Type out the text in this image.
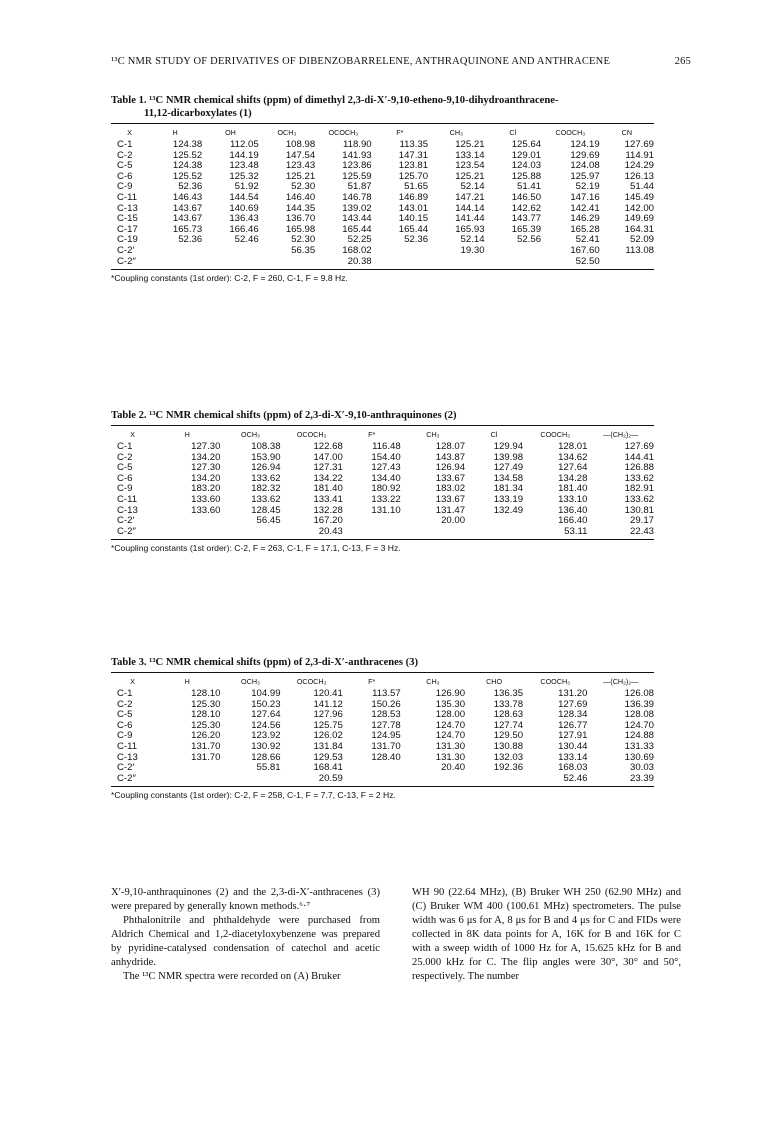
¹³C NMR STUDY OF DERIVATIVES OF DIBENZOBARRELENE, ANTHRAQUINONE AND ANTHRACENE	265
Table 1. ¹³C NMR chemical shifts (ppm) of dimethyl 2,3-di-X′-9,10-etheno-9,10-dihydroanthracene-
11,12-dicarboxylates (1)
X	H	OH	OCH₃	OCOCH₃	F*	CH₃	Cl	COOCH₃	CN
C-1	124.38	112.05	108.98	118.90	113.35	125.21	125.64	124.19	127.69
C-2	125.52	144.19	147.54	141.93	147.31	133.14	129.01	129.69	114.91
C-5	124.38	123.48	123.43	123.86	123.81	123.54	124.03	124.08	124.29
C-6	125.52	125.32	125.21	125.59	125.70	125.21	125.88	125.97	126.13
C-9	52.36	51.92	52.30	51.87	51.65	52.14	51.41	52.19	51.44
C-11	146.43	144.54	146.40	146.78	146.89	147.21	146.50	147.16	145.49
C-13	143.67	140.69	144.35	139.02	143.01	144.14	142.62	142.41	142.00
C-15	143.67	136.43	136.70	143.44	140.15	141.44	143.77	146.29	149.69
C-17	165.73	166.46	165.98	165.44	165.44	165.93	165.39	165.28	164.31
C-19	52.36	52.46	52.30	52.25	52.36	52.14	52.56	52.41	52.09
C-2′			56.35	168.02		19.30		167.60	113.08
C-2″				20.38				52.50	
*Coupling constants (1st order): C-2, F = 260, C-1, F = 9.8 Hz.
Table 2. ¹³C NMR chemical shifts (ppm) of 2,3-di-X′-9,10-anthraquinones (2)
X	H	OCH₃	OCOCH₃	F*	CH₃	Cl	COOCH₃	—(CH₂)₂—
C-1	127.30	108.38	122.68	116.48	128.07	129.94	128.01	127.69
C-2	134.20	153.90	147.00	154.40	143.87	139.98	134.62	144.41
C-5	127.30	126.94	127.31	127.43	126.94	127.49	127.64	126.88
C-6	134.20	133.62	134.22	134.40	133.67	134.58	134.28	133.62
C-9	183.20	182.32	181.40	180.92	183.02	181.34	181.40	182.91
C-11	133.60	133.62	133.41	133.22	133.67	133.19	133.10	133.62
C-13	133.60	128.45	132.28	131.10	131.47	132.49	136.40	130.81
C-2′		56.45	167.20		20.00		166.40	29.17
C-2″			20.43				53.11	22.43
*Coupling constants (1st order): C-2, F = 263, C-1, F = 17.1, C-13, F = 3 Hz.
Table 3. ¹³C NMR chemical shifts (ppm) of 2,3-di-X′-anthracenes (3)
X	H	OCH₃	OCOCH₃	F*	CH₃	CHO	COOCH₃	—(CH₂)₂—
C-1	128.10	104.99	120.41	113.57	126.90	136.35	131.20	126.08
C-2	125.30	150.23	141.12	150.26	135.30	133.78	127.69	136.39
C-5	128.10	127.64	127.96	128.53	128.00	128.63	128.34	128.08
C-6	125.30	124.56	125.75	127.78	124.70	127.74	126.77	124.70
C-9	126.20	123.92	126.02	124.95	124.70	129.50	127.91	124.88
C-11	131.70	130.92	131.84	131.70	131.30	130.88	130.44	131.33
C-13	131.70	128.66	129.53	128.40	131.30	132.03	133.14	130.69
C-2′		55.81	168.41		20.40	192.36	168.03	30.03
C-2″			20.59				52.46	23.39
*Coupling constants (1st order): C-2, F = 258, C-1, F = 7.7, C-13, F = 2 Hz.

X′-9,10-anthraquinones (2) and the 2,3-di-X′-anthracenes (3) were prepared by generally known methods.⁶·⁷

Phthalonitrile and phthaldehyde were purchased from Aldrich Chemical and 1,2-diacetyloxybenzene was prepared by pyridine-catalysed condensation of catechol and acetic anhydride.

The ¹³C NMR spectra were recorded on (A) Bruker

WH 90 (22.64 MHz), (B) Bruker WH 250 (62.90 MHz) and (C) Bruker WM 400 (100.61 MHz) spectrometers. The pulse width was 6 μs for A, 8 μs for B and 4 μs for C and FIDs were collected in 8K data points for A, 16K for B and 16K for C with a sweep width of 1000 Hz for A, 15.625 kHz for B and 25.000 kHz for C. The flip angles were 30°, 30° and 50°, respectively. The number
